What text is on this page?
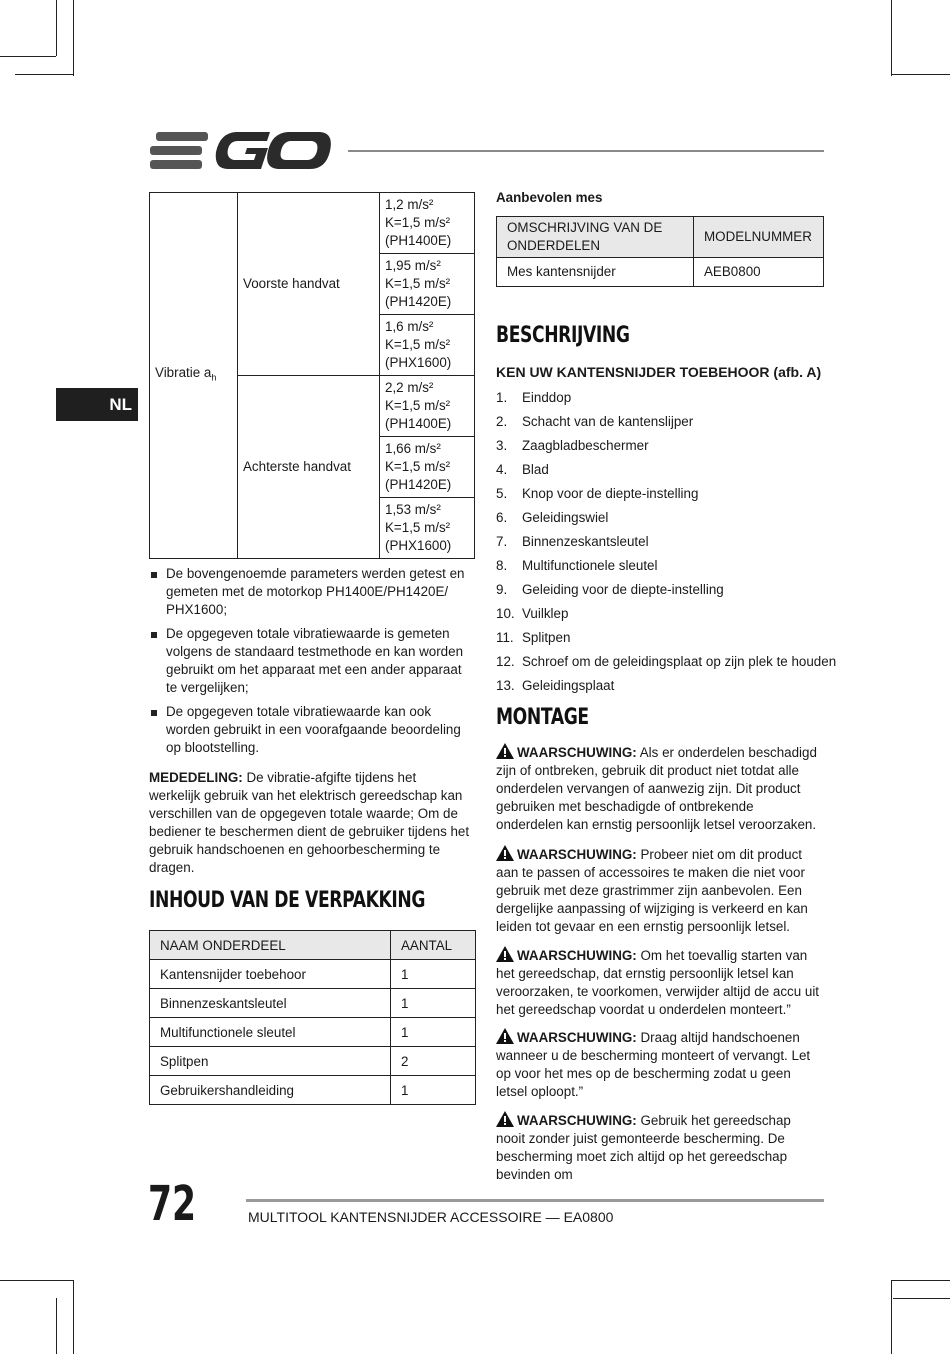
NL
Vibratie $a_h$	Voorste handvat	1,2 m/s²
K=1,5 m/s²
(PH1400E)

		1,95 m/s²
K=1,5 m/s²
(PH1420E)

		1,6 m/s²
K=1,5 m/s²
(PHX1600)

	Achterste handvat	2,2 m/s²
K=1,5 m/s²
(PH1400E)

		1,66 m/s²
K=1,5 m/s²
(PH1420E)

		1,53 m/s²
K=1,5 m/s²
(PHX1600)
De bovengenoemde parameters werden getest en gemeten met de motorkop PH1400E/PH1420E/ PHX1600;
De opgegeven totale vibratiewaarde is gemeten volgens de standaard testmethode en kan worden gebruikt om het apparaat met een ander apparaat te vergelijken;
De opgegeven totale vibratiewaarde kan ook worden gebruikt in een voorafgaande beoordeling op blootstelling.

MEDEDELING: De vibratie-afgifte tijdens het werkelijk gebruik van het elektrisch gereedschap kan verschillen van de opgegeven totale waarde; Om de bediener te beschermen dient de gebruiker tijdens het gebruik handschoenen en gehoorbescherming te dragen.

INHOUD VAN DE VERPAKKING
NAAM ONDERDEEL	AANTAL
Kantensnijder toebehoor	1
Binnenzeskantsleutel	1
Multifunctionele sleutel	1
Splitpen	2
Gebruikershandleiding	1
Aanbevolen mes
OMSCHRIJVING VAN DE ONDERDELEN	MODELNUMMER
Mes kantensnijder	AEB0800
BESCHRIJVING
KEN UW KANTENSNIJDER TOEBEHOOR (afb. A)
1.	Einddop
2.	Schacht van de kantenslijper
3.	Zaagbladbeschermer
4.	Blad
5.	Knop voor de diepte-instelling
6.	Geleidingswiel
7.	Binnenzeskantsleutel
8.	Multifunctionele sleutel
9.	Geleiding voor de diepte-instelling
10. Vuilklep
11. Splitpen
12. Schroef om de geleidingsplaat op zijn plek te houden
13. Geleidingsplaat
MONTAGE

WAARSCHUWING: Als er onderdelen beschadigd zijn of ontbreken, gebruik dit product niet totdat alle onderdelen vervangen of aanwezig zijn. Dit product gebruiken met beschadigde of ontbrekende onderdelen kan ernstig persoonlijk letsel veroorzaken.

WAARSCHUWING: Probeer niet om dit product aan te passen of accessoires te maken die niet voor gebruik met deze grastrimmer zijn aanbevolen. Een dergelijke aanpassing of wijziging is verkeerd en kan leiden tot gevaar en een ernstig persoonlijk letsel.

WAARSCHUWING: Om het toevallig starten van het gereedschap, dat ernstig persoonlijk letsel kan veroorzaken, te voorkomen, verwijder altijd de accu uit het gereedschap voordat u onderdelen monteert.”

WAARSCHUWING: Draag altijd handschoenen wanneer u de bescherming monteert of vervangt. Let op voor het mes op de bescherming zodat u geen letsel oploopt.”

WAARSCHUWING: Gebruik het gereedschap nooit zonder juist gemonteerde bescherming. De bescherming moet zich altijd op het gereedschap bevinden om

72	MULTITOOL KANTENSNIJDER ACCESSOIRE — EA0800
